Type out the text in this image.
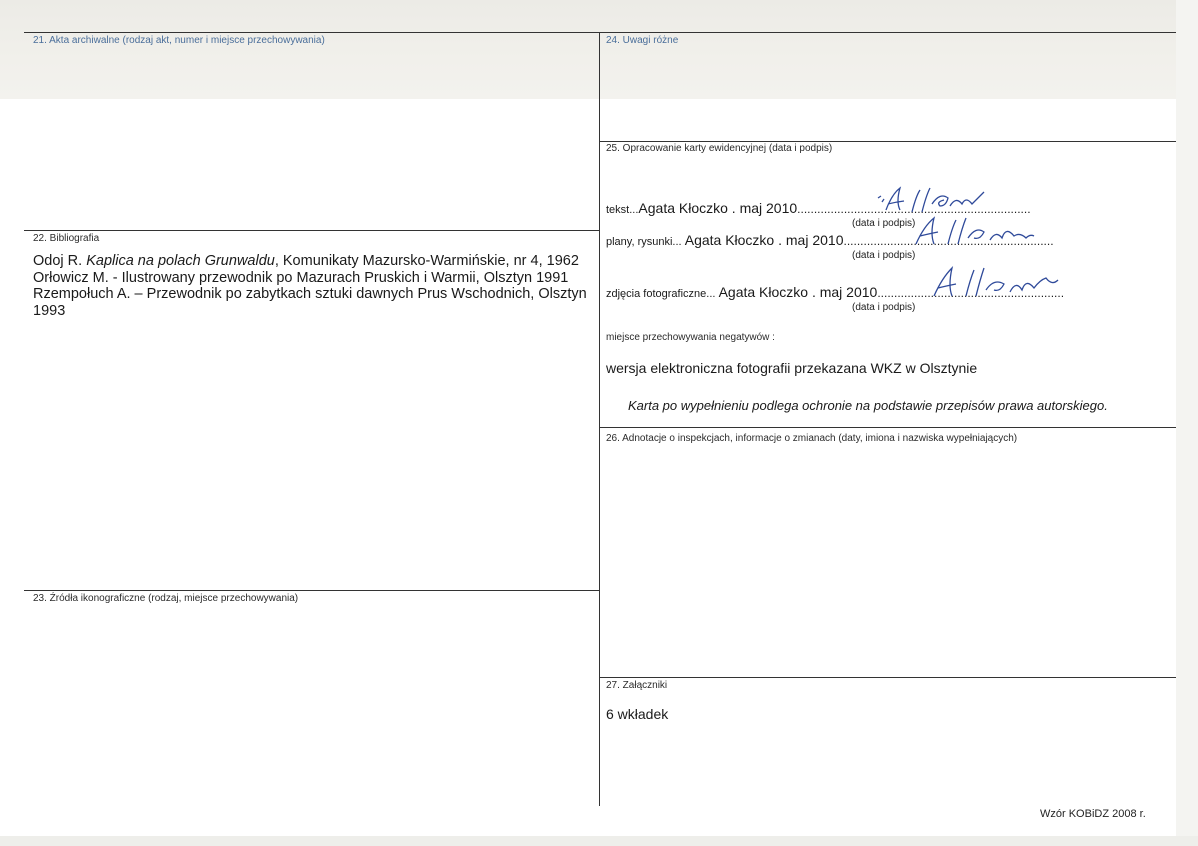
21. Akta archiwalne (rodzaj akt, numer i miejsce przechowywania)	24. Uwagi różne
25. Opracowanie karty ewidencyjnej (data i podpis)
22. Bibliografia
26. Adnotacje o inspekcjach, informacje o zmianach (daty, imiona i nazwiska wypełniających)
23. Źródła ikonograficzne (rodzaj, miejsce przechowywania)
27. Załączniki

Odoj R. Kaplica na polach Grunwaldu, Komunikaty Mazursko-Warmińskie, nr 4, 1962

Orłowicz M. - Ilustrowany przewodnik po Mazurach Pruskich i Warmii, Olsztyn 1991

Rzempołuch A. – Przewodnik po zabytkach sztuki dawnych Prus Wschodnich, Olsztyn 1993

tekst...Agata Kłoczko . maj 2010......................................................................
(data i podpis)
plany, rysunki... Agata Kłoczko . maj 2010...............................................................
(data i podpis)
zdjęcia fotograficzne... Agata Kłoczko . maj 2010........................................................
(data i podpis)
miejsce przechowywania negatywów :
wersja elektroniczna fotografii przekazana WKZ w Olsztynie
Karta po wypełnieniu podlega ochronie na podstawie przepisów prawa autorskiego.
6 wkładek
Wzór KOBiDZ 2008 r.
